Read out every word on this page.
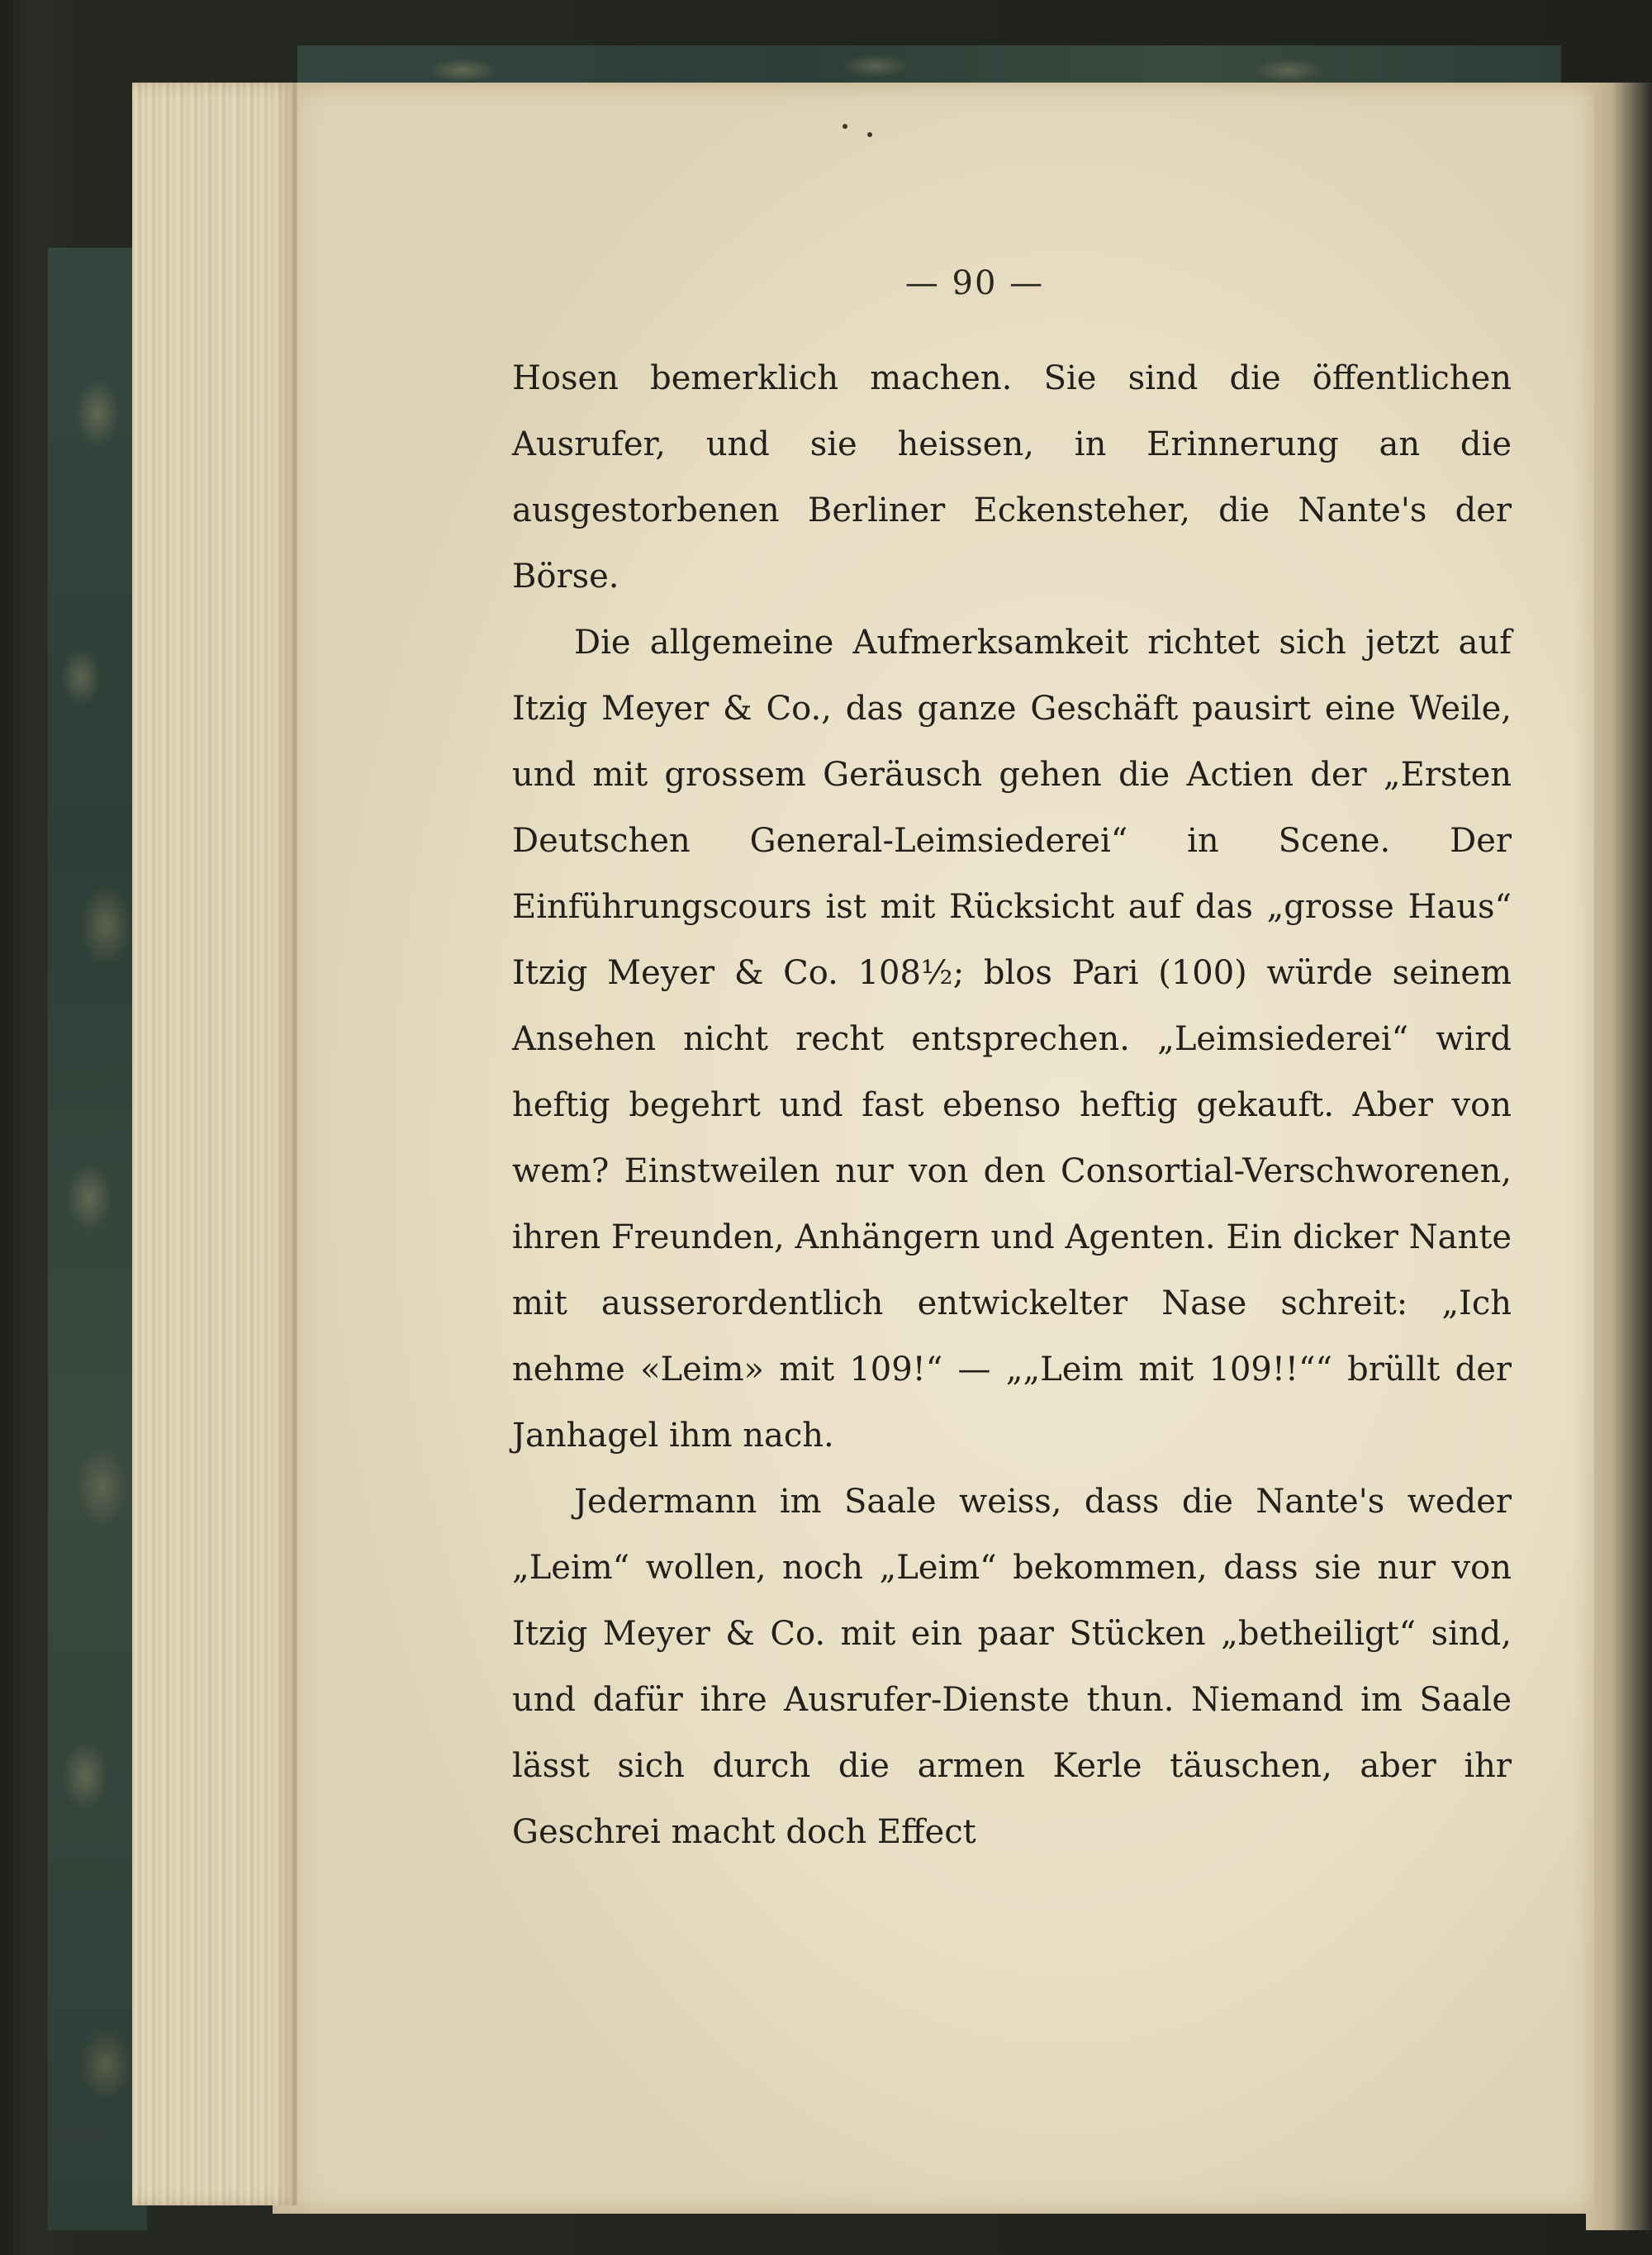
— 90 —

Hosen bemerklich machen. Sie sind die öffentlichen Ausrufer, und sie heissen, in Erinnerung an die ausgestorbenen Berliner Eckensteher, die Nante's der Börse.

Die allgemeine Aufmerksamkeit richtet sich jetzt auf Itzig Meyer & Co., das ganze Geschäft pausirt eine Weile, und mit grossem Geräusch gehen die Actien der „Ersten Deutschen General-Leimsiederei“ in Scene. Der Einführungscours ist mit Rücksicht auf das „grosse Haus“ Itzig Meyer & Co. 108½; blos Pari (100) würde seinem Ansehen nicht recht entsprechen. „Leimsiederei“ wird heftig begehrt und fast ebenso heftig gekauft. Aber von wem? Einstweilen nur von den Consortial-Verschworenen, ihren Freunden, Anhängern und Agenten. Ein dicker Nante mit ausserordentlich entwickelter Nase schreit: „Ich nehme «Leim» mit 109!“ — „„Leim mit 109!!““ brüllt der Janhagel ihm nach.

Jedermann im Saale weiss, dass die Nante's weder „Leim“ wollen, noch „Leim“ bekommen, dass sie nur von Itzig Meyer & Co. mit ein paar Stücken „betheiligt“ sind, und dafür ihre Ausrufer-Dienste thun. Niemand im Saale lässt sich durch die armen Kerle täuschen, aber ihr Geschrei macht doch Effect
